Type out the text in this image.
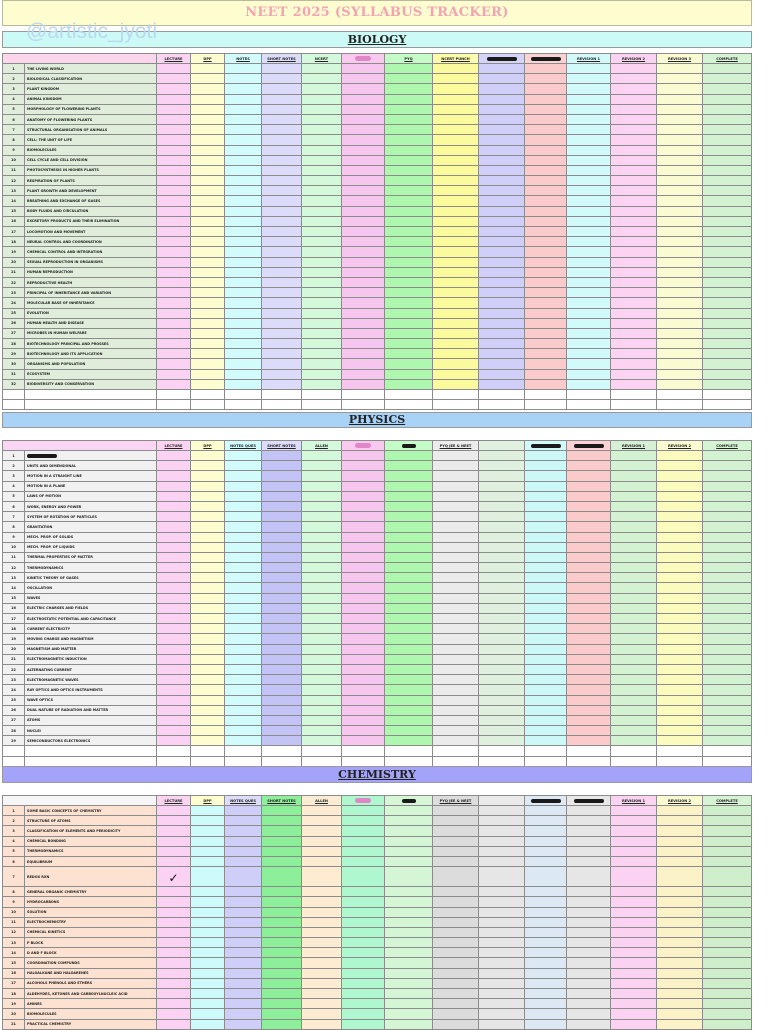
NEET 2025 (SYLLABUS TRACKER)
@artistic_jyoti	BIOLOGY
		LECTURE	DPP	NOTES	SHORT NOTES	NCERT		PYQ	NCERT PUNCH			REVISION 1	REVISION 2	REVISION 3	COMPLETE
1	THE LIVING WORLD														
2	BIOLOGICAL CLASSIFICATION														
3	PLANT KINGDOM														
4	ANIMAL KINGDOM														
5	MORPHOLOGY OF FLOWERING PLANTS														
6	ANATOMY OF FLOWERING PLANTS														
7	STRUCTURAL ORGANISATION OF ANIMALS														
8	CELL: THE UNIT OF LIFE														
9	BIOMOLECULES														
10	CELL CYCLE AND CELL DIVISION														
11	PHOTOSYNTHESIS IN HIGHER PLANTS														
12	RESPIRATION OF PLANTS														
13	PLANT GROWTH AND DEVELOPMENT														
14	BREATHING AND EXCHANGE OF GASES														
15	BODY FLUIDS AND CIRCULATION														
16	EXCRETORY PRODUCTS AND THEIR ELIMINATION														
17	LOCOMOTION AND MOVEMENT														
18	NEURAL CONTROL AND COORDINATION														
19	CHEMICAL CONTROL AND INTEGRATION														
20	SEXUAL REPRODUCTION IN ORGANISMS														
21	HUMAN REPRODUCTION														
22	REPRODUCTIVE HEALTH														
23	PRINCIPAL OF INHERITANCE AND VARIATION														
24	MOLECULAR BASE OF INHERITANCE														
25	EVOLUTION														
26	HUMAN HEALTH AND DISEASE														
27	MICROBES IN HUMAN WELFARE														
28	BIOTECHNOLOGY PRINCIPAL AND PROSSES														
29	BIOTECHNOLOGY AND ITS APPLICATION														
30	ORGANISMS AND POPULATION														
31	ECOSYSTEM														
32	BIODIVERSITY AND CONSERVATION														

PHYSICS
		LECTURE	DPP	NOTES QUES	SHORT NOTES	ALLEN			PYQ JEE & NEET				REVISION 1	REVISION 2	COMPLETE
1															
2	UNITS AND DIMENSIONAL														
3	MOTION IN A STRAIGHT LINE														
4	MOTION IN A PLANE														
5	LAWS OF MOTION														
6	WORK, ENERGY AND POWER														
7	SYSTEM OF ROTATION OF PARTICLES														
8	GRAVITATION														
9	MECH. PROP. OF SOLIDS														
10	MECH. PROP. OF LIQUIDS														
11	THERMAL PROPERTIES OF MATTER														
12	THERMODYNAMICS														
13	KINETIC THEORY OF GASES														
14	OSCILLATION														
15	WAVES														
16	ELECTRIC CHARGES AND FIELDS														
17	ELECTROSTATIC POTENTIAL AND CAPACITANCE														
18	CURRENT ELECTRICITY														
19	MOVING CHARGE AND MAGNETISM														
20	MAGNETISM AND MATTER														
21	ELECTROMAGNETIC INDUCTION														
22	ALTERNATING CURRENT														
23	ELECTROMAGNETIC WAVES														
24	RAY OPTICS AND OPTICS INSTRUMENTS														
25	WAVE OPTICS														
26	DUAL NATURE OF RADIATION AND MATTER														
27	ATOMS														
28	NUCLEI														
29	SEMICONDUCTORS ELECTRONICS														

CHEMISTRY
		LECTURE	DPP	NOTES QUES	SHORT NOTES	ALLEN			PYQ JEE & NEET				REVISION 1	REVISION 2	COMPLETE
1	SOME BASIC CONCEPTS OF CHEMISTRY														
2	STRUCTURE OF ATOMS														
3	CLASSIFICATION OF ELEMENTS AND PERIODICITY														
4	CHEMICAL BONDING														
5	THERMODYNAMICS														
6	EQUILIBRIUM														
7	REDOX RXN	✓													
8	GENERAL ORGANIC CHEMISTRY														
9	HYDROCARBONS														
10	SOLUTION														
11	ELECTROCHEMISTRY														
12	CHEMICAL KINETICS														
13	P BLOCK														
14	D AND F BLOCK														
15	COORDINATION COMPUNDS														
16	HALOALKANE AND HALOARENES														
17	ALCOHOLS PHENOLS AND ETHERS														
18	ALDEHYDES, KETONES AND CARBOXYLNUCLEIC ACID														
19	AMINES														
20	BIOMOLECULES														
21	PRACTICAL CHEMISTRY														
